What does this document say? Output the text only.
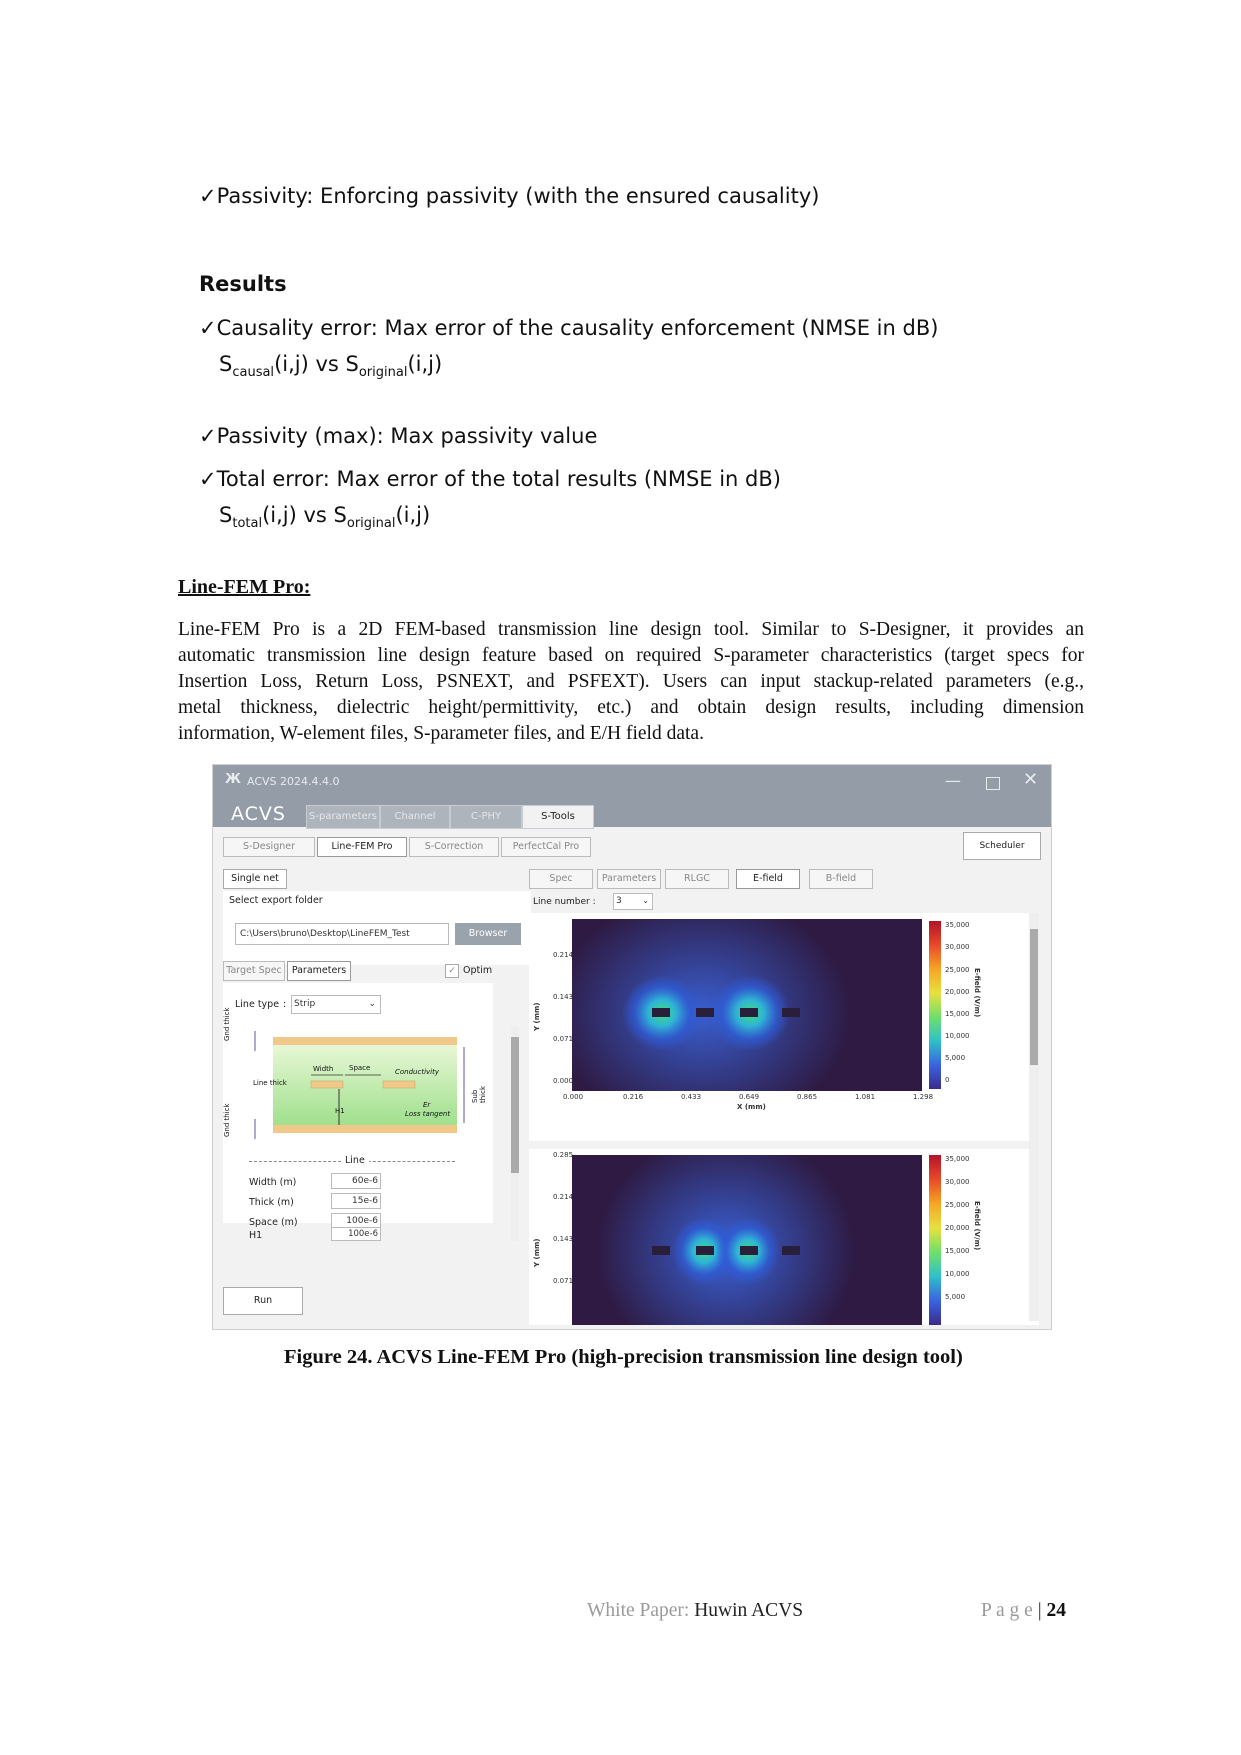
✓Passivity: Enforcing passivity (with the ensured causality)
Results
✓Causality error: Max error of the causality enforcement (NMSE in dB)
$S_{causal}(i,j)$ vs $S_{original}(i,j)$
✓Passivity (max): Max passivity value
✓Total error: Max error of the total results (NMSE in dB)
$S_{total}(i,j)$ vs $S_{original}(i,j)$
Line-FEM Pro:
Line-FEM Pro is a 2D FEM-based transmission line design tool. Similar to S-Designer, it provides an
automatic transmission line design feature based on required S-parameter characteristics (target specs for
Insertion Loss, Return Loss, PSNEXT, and PSFEXT). Users can input stackup-related parameters (e.g.,
metal thickness, dielectric height/permittivity, etc.) and obtain design results, including dimension
information, W-element files, S-parameter files, and E/H field data.
Ж ACVS 2024.4.4.0
ACVS
—	✕
S-parameters	Channel	C-PHY	S-Tools
S-Designer	Line-FEM Pro	S-Correction	PerfectCal Pro	Scheduler
Single net
Select export folder
C:\Users\bruno\Desktop\LineFEM_Test	Browser
Target Spec	Parameters	✓ Optim
Line type : Strip	⌄
Gnd thick
Gnd thick
Width Space	Conductivity
Line thick
H1
Er
Loss tangent
Sub thick
Line
Width (m)	60e-6
Thick (m)	15e-6
Space (m)	100e-6
H1	100e-6
Run
Spec	Parameters	RLGC	E-field	B-field
Line number :	3	⌄
0.214
0.143
0.071
0.000
Y (mm)
0.000	0.216	0.433	0.649	0.865	1.081	1.298
X (mm)
35,000
30,000
25,000
20,000
15,000
10,000
5,000
0
E-field (V/m)
0.285
0.214
0.143
0.071
Y (mm)
35,000
30,000
25,000
20,000
15,000
10,000
5,000
E-field (V/m)
Figure 24. ACVS Line-FEM Pro (high-precision transmission line design tool)
White Paper: Huwin ACVS	P a g e | 24
